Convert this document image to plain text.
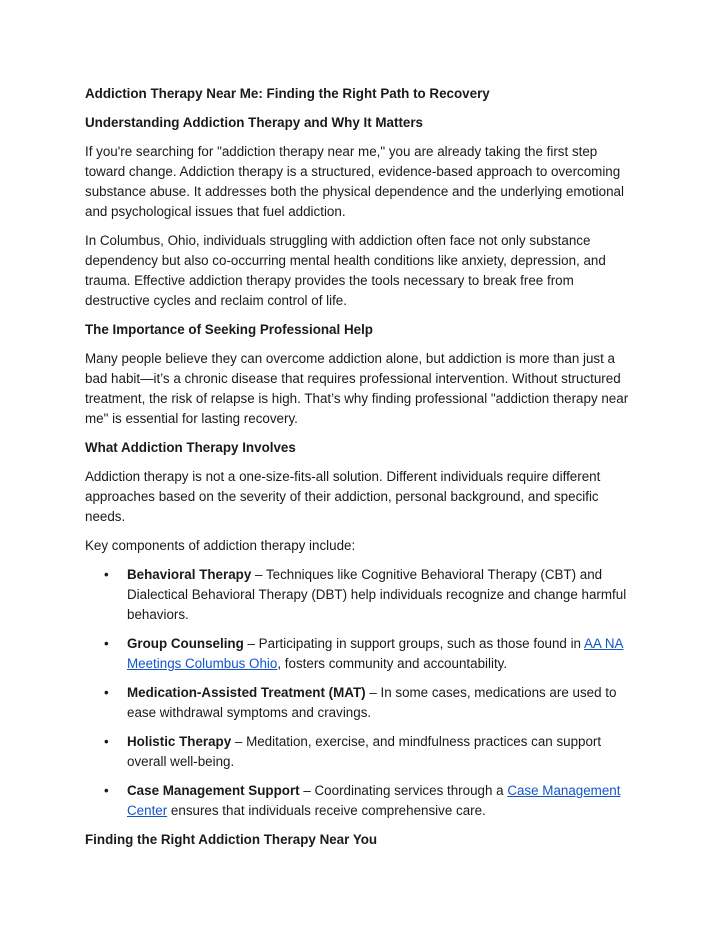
Addiction Therapy Near Me: Finding the Right Path to Recovery

Understanding Addiction Therapy and Why It Matters

If you're searching for "addiction therapy near me," you are already taking the first step toward change. Addiction therapy is a structured, evidence-based approach to overcoming substance abuse. It addresses both the physical dependence and the underlying emotional and psychological issues that fuel addiction.

In Columbus, Ohio, individuals struggling with addiction often face not only substance dependency but also co-occurring mental health conditions like anxiety, depression, and trauma. Effective addiction therapy provides the tools necessary to break free from destructive cycles and reclaim control of life.

The Importance of Seeking Professional Help

Many people believe they can overcome addiction alone, but addiction is more than just a bad habit—it’s a chronic disease that requires professional intervention. Without structured treatment, the risk of relapse is high. That’s why finding professional "addiction therapy near me" is essential for lasting recovery.

What Addiction Therapy Involves

Addiction therapy is not a one-size-fits-all solution. Different individuals require different approaches based on the severity of their addiction, personal background, and specific needs.

Key components of addiction therapy include:

• Behavioral Therapy – Techniques like Cognitive Behavioral Therapy (CBT) and Dialectical Behavioral Therapy (DBT) help individuals recognize and change harmful behaviors.
• Group Counseling – Participating in support groups, such as those found in AA NA Meetings Columbus Ohio, fosters community and accountability.
• Medication-Assisted Treatment (MAT) – In some cases, medications are used to ease withdrawal symptoms and cravings.
• Holistic Therapy – Meditation, exercise, and mindfulness practices can support overall well-being.
• Case Management Support – Coordinating services through a Case Management Center ensures that individuals receive comprehensive care.

Finding the Right Addiction Therapy Near You
